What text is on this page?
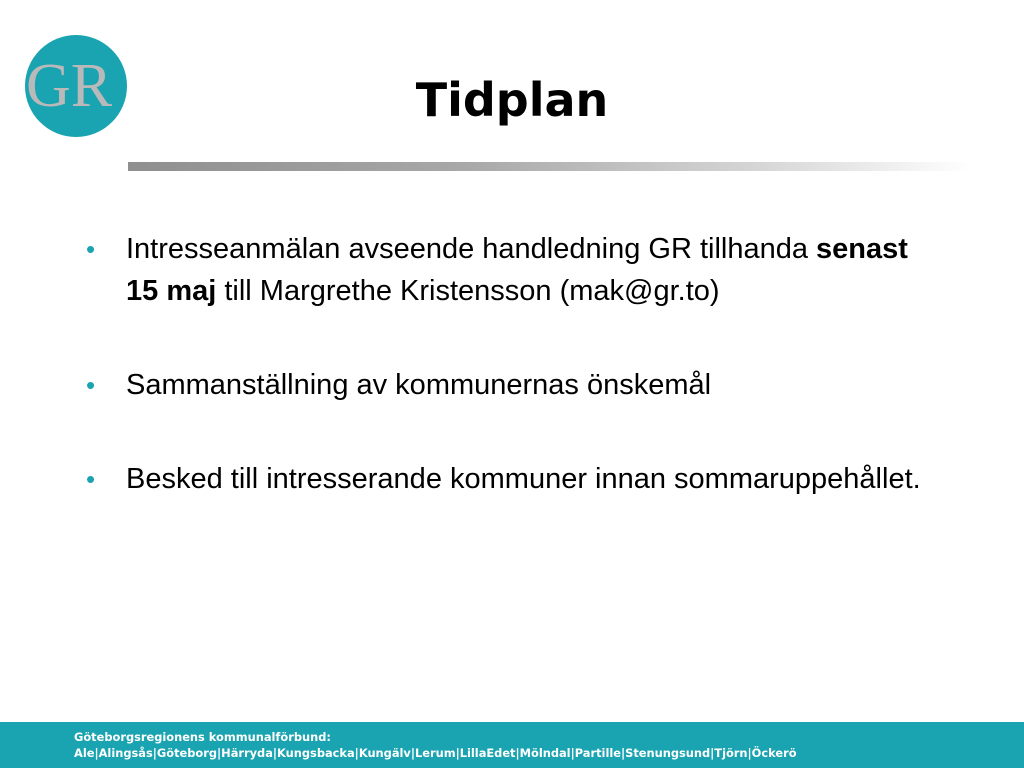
GR	Tidplan
•	Intresseanmälan avseende handledning GR tillhanda senast 15 maj till Margrethe Kristensson (mak@gr.to)
•	Sammanställning av kommunernas önskemål
•	Besked till intresserande kommuner innan sommaruppehållet.
Göteborgsregionens kommunalförbund:
Ale|Alingsås|Göteborg|Härryda|Kungsbacka|Kungälv|Lerum|LillaEdet|Mölndal|Partille|Stenungsund|Tjörn|Öckerö
